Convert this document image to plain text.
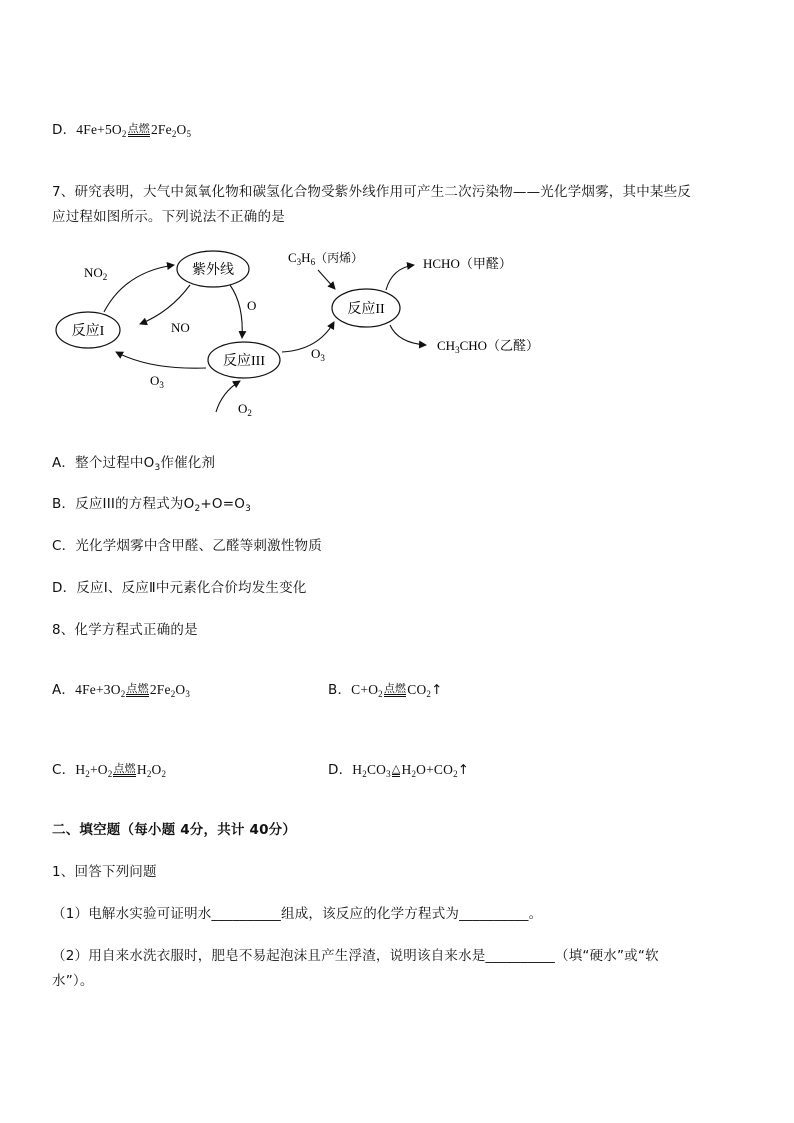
D．$4Fe+5O_2$ 点燃 $2Fe_2O_5$
7、研究表明，大气中氮氧化物和碳氢化合物受紫外线作用可产生二次污染物——光化学烟雾，其中某些反
应过程如图所示。下列说法不正确的是
紫外线
反应I
反应II
反应III
$NO_2$
NO
O
$O_3$
$O_2$
$O_3$
$C_3H_6$（丙烯）	HCHO（甲醛）
$CH_3CHO$（乙醛）
A．整个过程中$O_3$作催化剂
B．反应III的方程式为$O_2+O=O_3$
C．光化学烟雾中含甲醛、乙醛等刺激性物质
D．反应Ⅰ、反应Ⅱ中元素化合价均发生变化
8、化学方程式正确的是
A．$4Fe+3O_2$ 点燃 $2Fe_2O_3$	B．$C+O_2$ 点燃 $CO_2↑$
C．$H_2+O_2$ 点燃 $H_2O_2$	D．$H_2CO_3$ △ $H_2O+CO_2↑$
二、填空题（每小题 4分，共计 40分）
1、回答下列问题
（1）电解水实验可证明水__________组成，该反应的化学方程式为__________。
（2）用自来水洗衣服时，肥皂不易起泡沫且产生浮渣，说明该自来水是__________（填“硬水”或“软
水”）。
